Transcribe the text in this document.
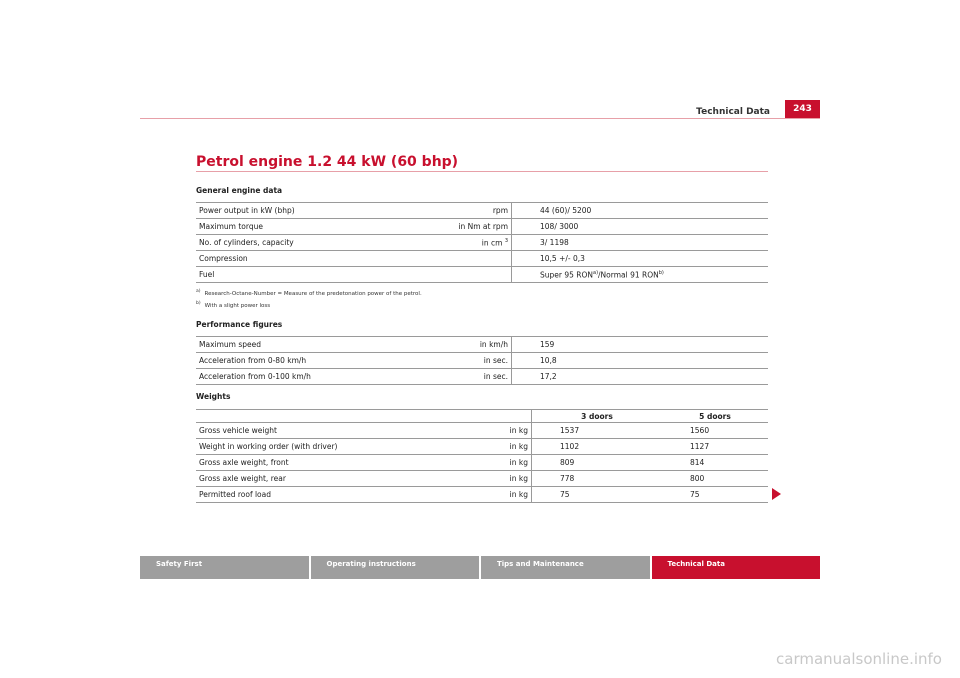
Technical Data	243
Petrol engine 1.2 44 kW (60 bhp)
General engine data
Power output in kW (bhp)	rpm	44 (60)/ 5200
Maximum torque	in Nm at rpm	108/ 3000
No. of cylinders, capacity	in cm $^3$	3/ 1198
Compression		10,5 +/- 0,3
Fuel		Super 95 RON$^{a)}$/Normal 91 RON$^{b)}$
$^{a)}$ Research-Octane-Number = Measure of the predetonation power of the petrol.
$^{b)}$ With a slight power loss
Performance figures
Maximum speed	in km/h	159
Acceleration from 0-80 km/h	in sec.	10,8
Acceleration from 0-100 km/h	in sec.	17,2
Weights
		3 doors	5 doors
Gross vehicle weight	in kg	1537	1560
Weight in working order (with driver)	in kg	1102	1127
Gross axle weight, front	in kg	809	814
Gross axle weight, rear	in kg	778	800
Permitted roof load	in kg	75	75
Safety First	Operating instructions	Tips and Maintenance	Technical Data
carmanualsonline.info
